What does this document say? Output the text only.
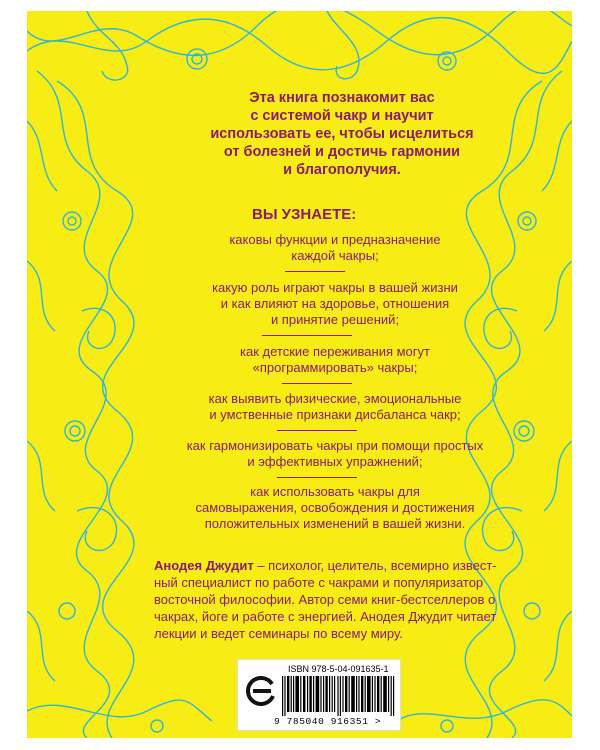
Эта книга познакомит вас
с системой чакр и научит
использовать ее, чтобы исцелиться
от болезней и достичь гармонии
и благополучия.

ВЫ УЗНАЕТЕ:

каковы функции и предназначение
каждой чакры;

какую роль играют чакры в вашей жизни
и как влияют на здоровье, отношения
и принятие решений;

как детские переживания могут
«программировать» чакры;

как выявить физические, эмоциональные
и умственные признаки дисбаланса чакр;

как гармонизировать чакры при помощи простых
и эффективных упражнений;

как использовать чакры для
самовыражения, освобождения и достижения
положительных изменений в вашей жизни.

Анодея Джудит – психолог, целитель, всемирно извест-
ный специалист по работе с чакрами и популяризатор
восточной философии. Автор семи книг-бестселлеров о
чакрах, йоге и работе с энергией. Анодея Джудит читает
лекции и ведет семинары по всему миру.

ISBN 978-5-04-091635-1
9 785040 916351 >
